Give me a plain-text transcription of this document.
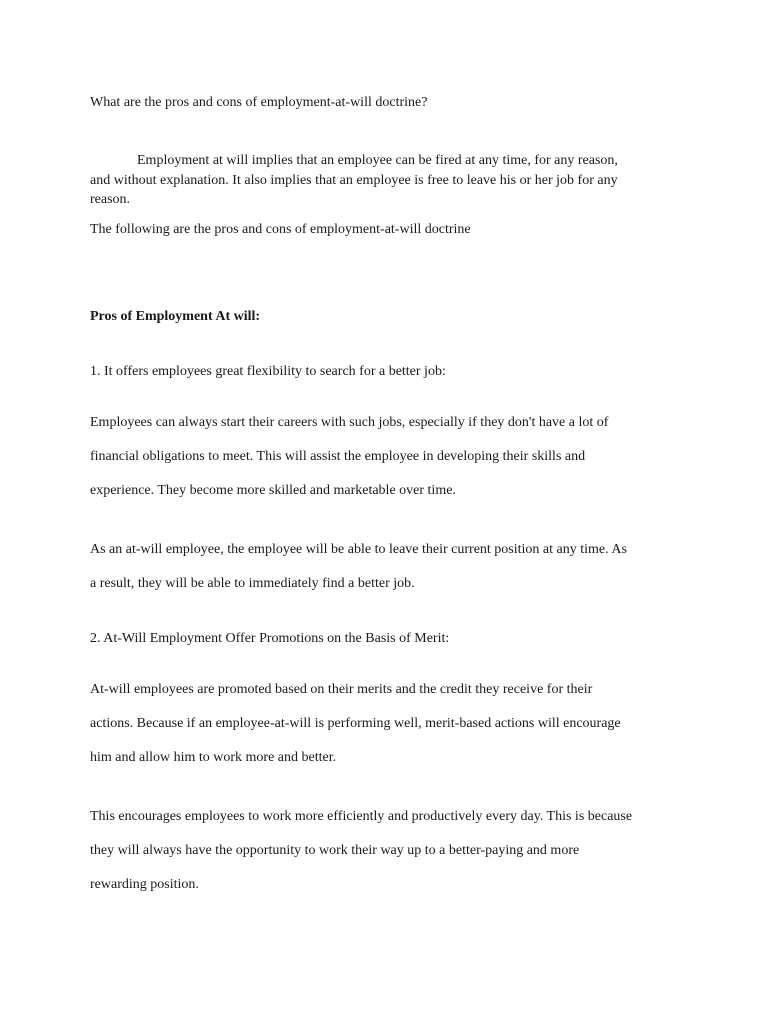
What are the pros and cons of employment-at-will doctrine?
Employment at will implies that an employee can be fired at any time, for any reason,
and without explanation. It also implies that an employee is free to leave his or her job for any
reason.
The following are the pros and cons of employment-at-will doctrine
Pros of Employment At will:
1. It offers employees great flexibility to search for a better job:
Employees can always start their careers with such jobs, especially if they don't have a lot of
financial obligations to meet. This will assist the employee in developing their skills and
experience. They become more skilled and marketable over time.
As an at-will employee, the employee will be able to leave their current position at any time. As
a result, they will be able to immediately find a better job.
2. At-Will Employment Offer Promotions on the Basis of Merit:
At-will employees are promoted based on their merits and the credit they receive for their
actions. Because if an employee-at-will is performing well, merit-based actions will encourage
him and allow him to work more and better.
This encourages employees to work more efficiently and productively every day. This is because
they will always have the opportunity to work their way up to a better-paying and more
rewarding position.
